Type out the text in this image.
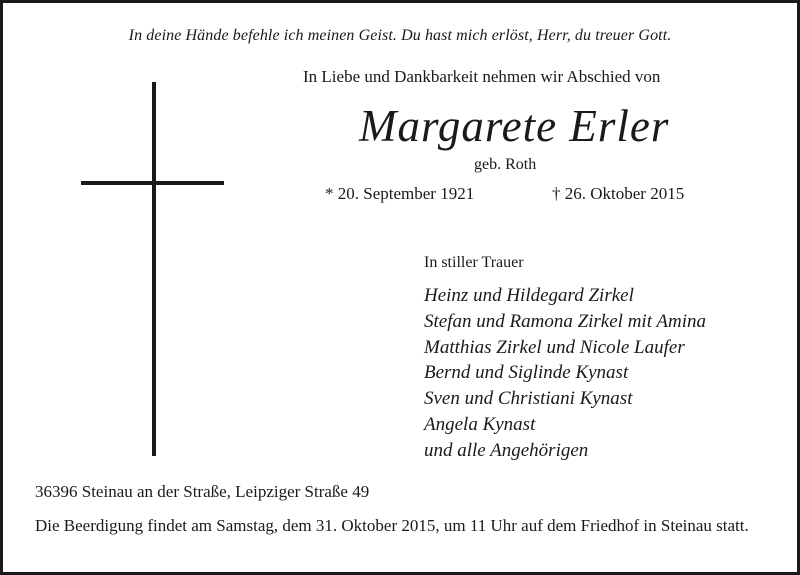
In deine Hände befehle ich meinen Geist. Du hast mich erlöst, Herr, du treuer Gott.
In Liebe und Dankbarkeit nehmen wir Abschied von
Margarete Erler
geb. Roth
* 20. September 1921	† 26. Oktober 2015
In stiller Trauer
Heinz und Hildegard Zirkel
Stefan und Ramona Zirkel mit Amina
Matthias Zirkel und Nicole Laufer
Bernd und Siglinde Kynast
Sven und Christiani Kynast
Angela Kynast
und alle Angehörigen
36396 Steinau an der Straße, Leipziger Straße 49
Die Beerdigung findet am Samstag, dem 31. Oktober 2015, um 11 Uhr auf dem Friedhof in Steinau statt.
